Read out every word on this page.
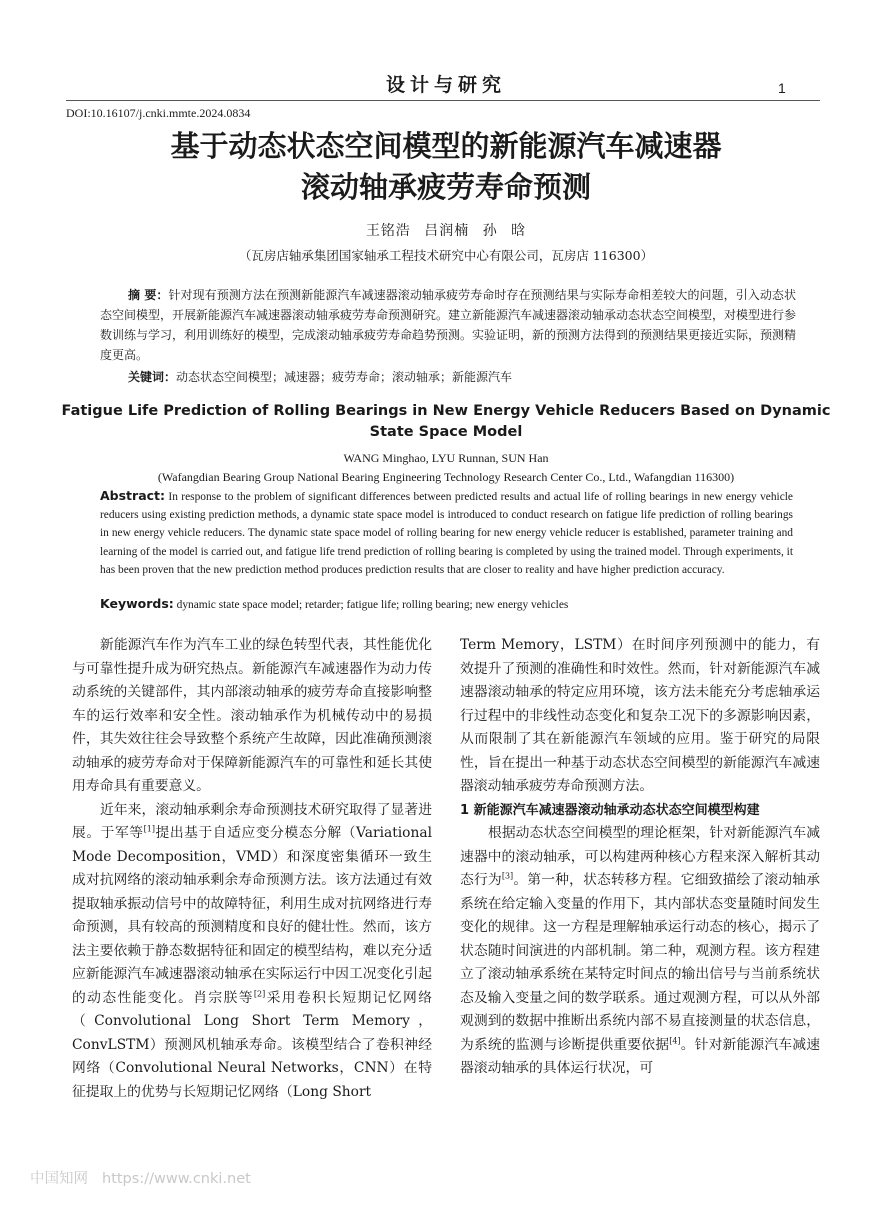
设计与研究	1
DOI:10.16107/j.cnki.mmte.2024.0834
基于动态状态空间模型的新能源汽车减速器
滚动轴承疲劳寿命预测
王铭浩 吕润楠 孙 晗
（瓦房店轴承集团国家轴承工程技术研究中心有限公司，瓦房店 116300）
摘 要：针对现有预测方法在预测新能源汽车减速器滚动轴承疲劳寿命时存在预测结果与实际寿命相差较大的问题，引入动态状态空间模型，开展新能源汽车减速器滚动轴承疲劳寿命预测研究。建立新能源汽车减速器滚动轴承动态状态空间模型，对模型进行参数训练与学习，利用训练好的模型，完成滚动轴承疲劳寿命趋势预测。实验证明，新的预测方法得到的预测结果更接近实际，预测精度更高。
关键词：动态状态空间模型；减速器；疲劳寿命；滚动轴承；新能源汽车
Fatigue Life Prediction of Rolling Bearings in New Energy Vehicle Reducers Based on Dynamic State Space Model
WANG Minghao, LYU Runnan, SUN Han
(Wafangdian Bearing Group National Bearing Engineering Technology Research Center Co., Ltd., Wafangdian 116300)
Abstract: In response to the problem of significant differences between predicted results and actual life of rolling bearings in new energy vehicle reducers using existing prediction methods, a dynamic state space model is introduced to conduct research on fatigue life prediction of rolling bearings in new energy vehicle reducers. The dynamic state space model of rolling bearing for new energy vehicle reducer is established, parameter training and learning of the model is carried out, and fatigue life trend prediction of rolling bearing is completed by using the trained model. Through experiments, it has been proven that the new prediction method produces prediction results that are closer to reality and have higher prediction accuracy.
Keywords: dynamic state space model; retarder; fatigue life; rolling bearing; new energy vehicles

新能源汽车作为汽车工业的绿色转型代表，其性能优化与可靠性提升成为研究热点。新能源汽车减速器作为动力传动系统的关键部件，其内部滚动轴承的疲劳寿命直接影响整车的运行效率和安全性。滚动轴承作为机械传动中的易损件，其失效往往会导致整个系统产生故障，因此准确预测滚动轴承的疲劳寿命对于保障新能源汽车的可靠性和延长其使用寿命具有重要意义。

近年来，滚动轴承剩余寿命预测技术研究取得了显著进展。于军等[1]提出基于自适应变分模态分解（Variational Mode Decomposition，VMD）和深度密集循环一致生成对抗网络的滚动轴承剩余寿命预测方法。该方法通过有效提取轴承振动信号中的故障特征，利用生成对抗网络进行寿命预测，具有较高的预测精度和良好的健壮性。然而，该方法主要依赖于静态数据特征和固定的模型结构，难以充分适应新能源汽车减速器滚动轴承在实际运行中因工况变化引起的动态性能变化。肖宗朕等[2]采用卷积长短期记忆网络（Convolutional Long Short Term Memory，ConvLSTM）预测风机轴承寿命。该模型结合了卷积神经网络（Convolutional Neural Networks，CNN）在特征提取上的优势与长短期记忆网络（Long Short

Term Memory，LSTM）在时间序列预测中的能力，有效提升了预测的准确性和时效性。然而，针对新能源汽车减速器滚动轴承的特定应用环境，该方法未能充分考虑轴承运行过程中的非线性动态变化和复杂工况下的多源影响因素，从而限制了其在新能源汽车领域的应用。鉴于研究的局限性，旨在提出一种基于动态状态空间模型的新能源汽车减速器滚动轴承疲劳寿命预测方法。

1 新能源汽车减速器滚动轴承动态状态空间模型构建

根据动态状态空间模型的理论框架，针对新能源汽车减速器中的滚动轴承，可以构建两种核心方程来深入解析其动态行为[3]。第一种，状态转移方程。它细致描绘了滚动轴承系统在给定输入变量的作用下，其内部状态变量随时间发生变化的规律。这一方程是理解轴承运行动态的核心，揭示了状态随时间演进的内部机制。第二种，观测方程。该方程建立了滚动轴承系统在某特定时间点的输出信号与当前系统状态及输入变量之间的数学联系。通过观测方程，可以从外部观测到的数据中推断出系统内部不易直接测量的状态信息，为系统的监测与诊断提供重要依据[4]。针对新能源汽车减速器滚动轴承的具体运行状况，可

中国知网 https://www.cnki.net
